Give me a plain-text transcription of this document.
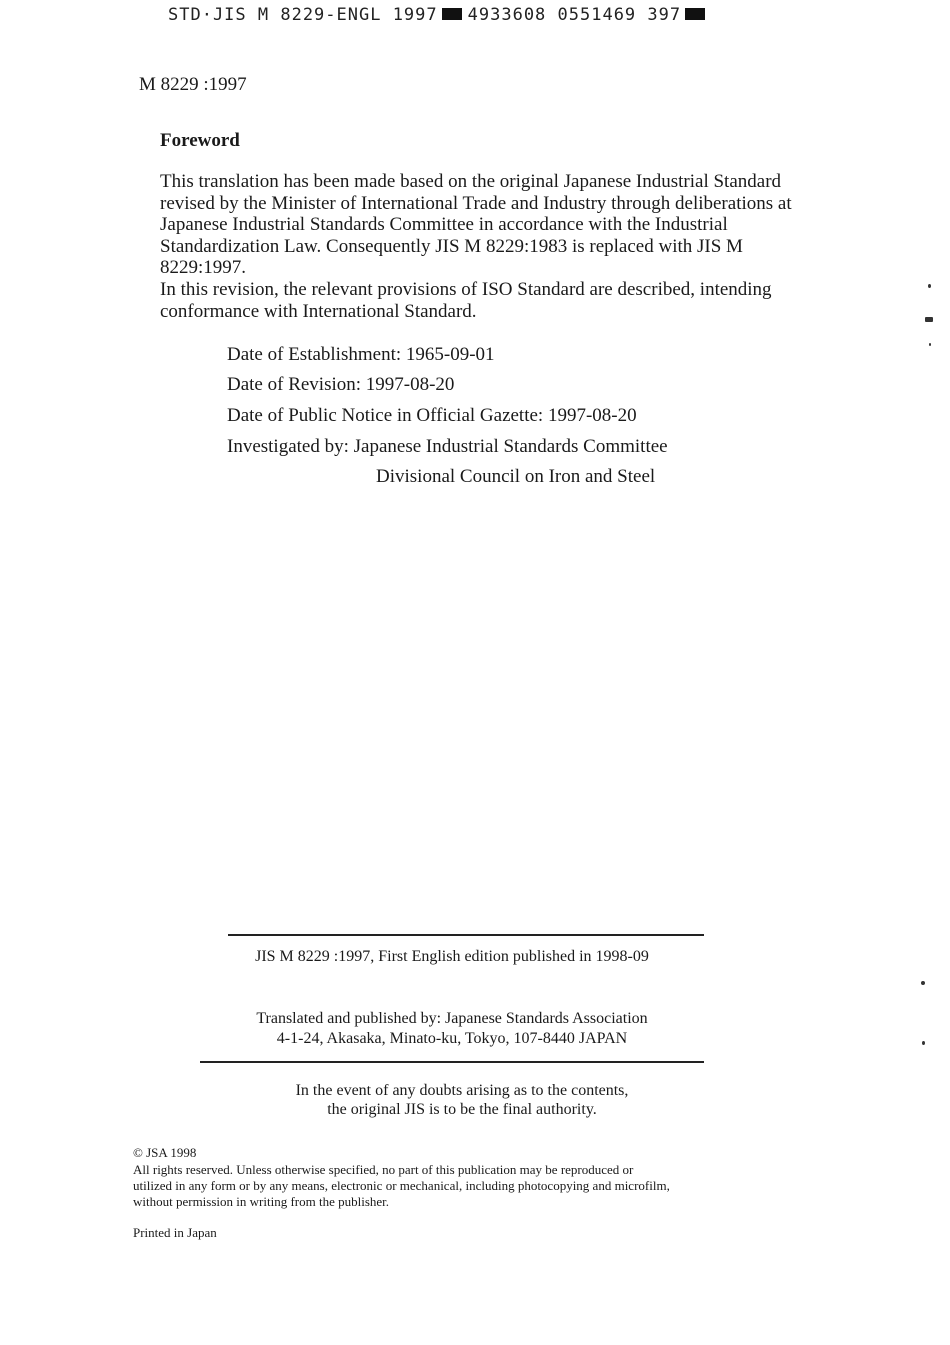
STD·JIS M 8229-ENGL 1997 4933608 0551469 397
M 8229 :1997
Foreword

This translation has been made based on the original Japanese Industrial Standard revised by the Minister of International Trade and Industry through deliberations at Japanese Industrial Standards Committee in accordance with the Industrial Standardization Law. Consequently JIS M 8229:1983 is replaced with JIS M 8229:1997.

In this revision, the relevant provisions of ISO Standard are described, intending conformance with International Standard.

Date of Establishment: 1965-09-01
Date of Revision: 1997-08-20
Date of Public Notice in Official Gazette: 1997-08-20
Investigated by: Japanese Industrial Standards Committee
Divisional Council on Iron and Steel
JIS M 8229 :1997, First English edition published in 1998-09
Translated and published by: Japanese Standards Association
4-1-24, Akasaka, Minato-ku, Tokyo, 107-8440 JAPAN
In the event of any doubts arising as to the contents,
the original JIS is to be the final authority.
© JSA 1998
All rights reserved. Unless otherwise specified, no part of this publication may be reproduced or
utilized in any form or by any means, electronic or mechanical, including photocopying and microfilm,
without permission in writing from the publisher.
Printed in Japan
